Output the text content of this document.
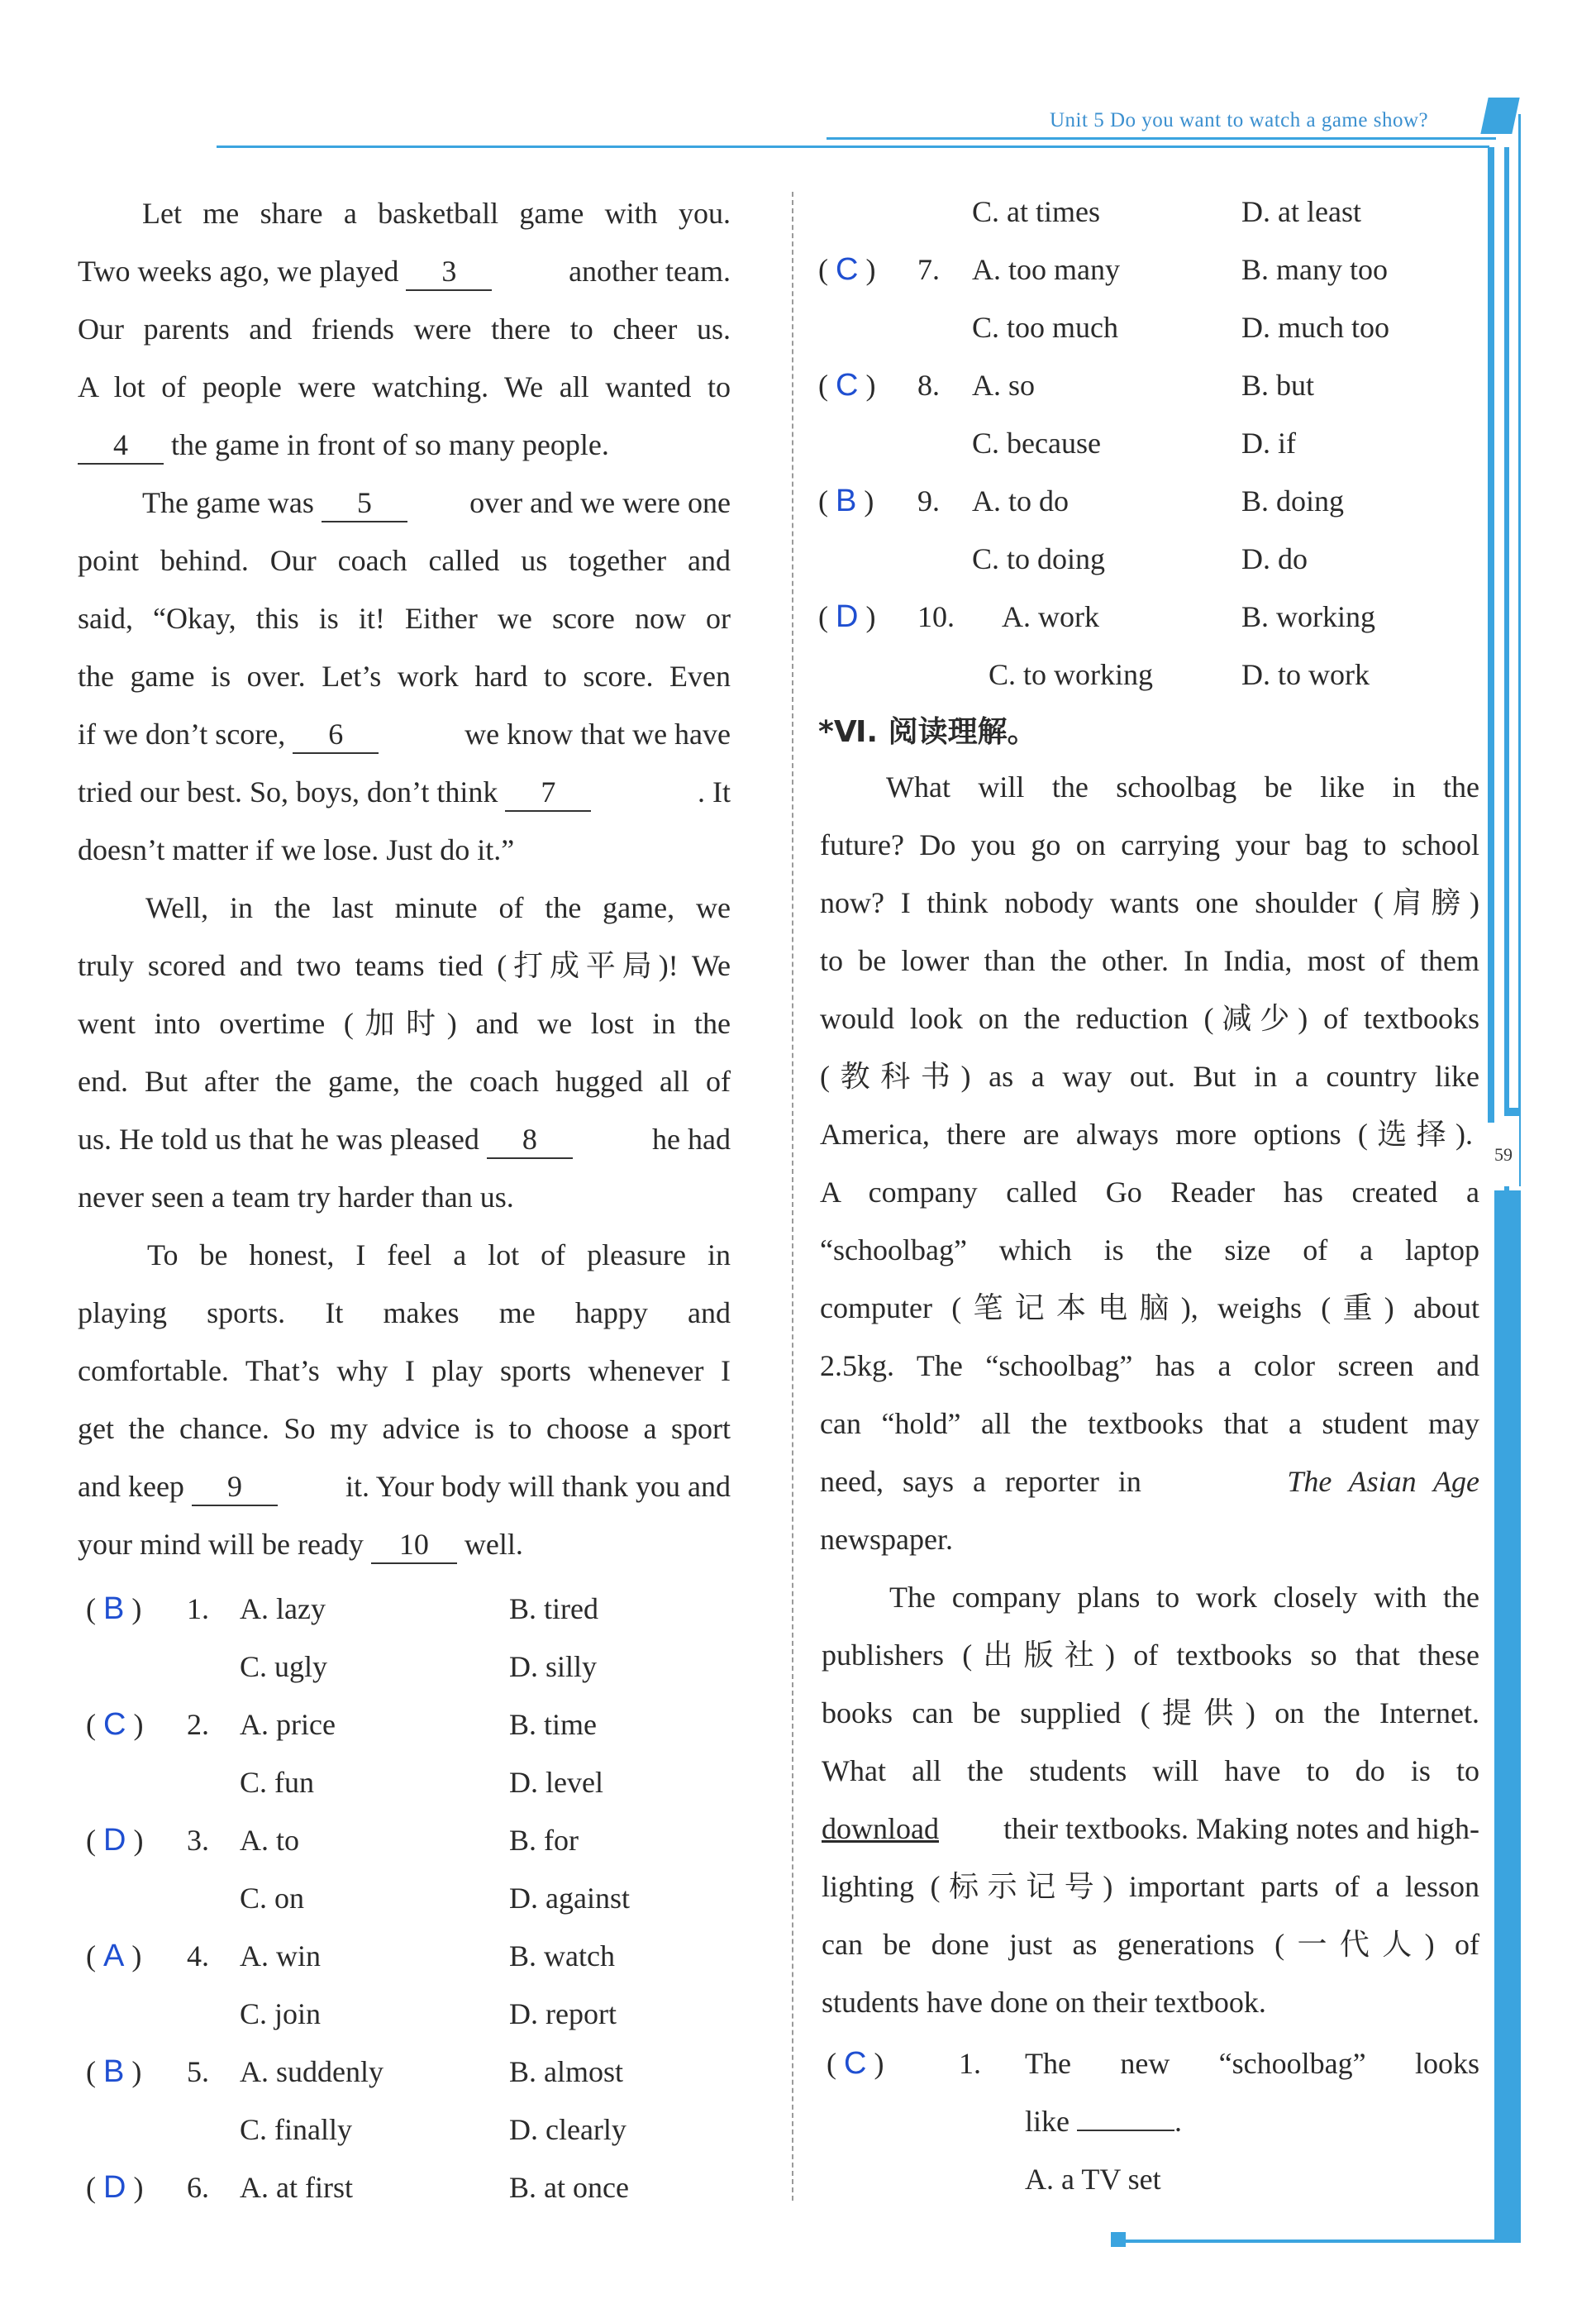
Unit 5 Do you want to watch a game show?
59
Let me share a basketball game with you.
Two weeks ago, we played 3	another team.
Our parents and friends were there to cheer us.
A lot of people were watching. We all wanted to
4 the game in front of so many people.
The game was 5	over and we were one
point behind. Our coach called us together and
said, “Okay, this is it! Either we score now or
the game is over. Let’s work hard to score. Even
if we don’t score, 6	we know that we have
tried our best. So, boys, don’t think 7	. It
doesn’t matter if we lose. Just do it.”
Well, in the last minute of the game, we
truly scored and two teams tied (打成平局)! We
went into overtime (加时) and we lost in the
end. But after the game, the coach hugged all of
us. He told us that he was pleased 8	he had
never seen a team try harder than us.
To be honest, I feel a lot of pleasure in
playing sports. It makes me happy and
comfortable. That’s why I play sports whenever I
get the chance. So my advice is to choose a sport
and keep 9	it. Your body will thank you and
your mind will be ready 10 well.
( B ) 1. A. lazy	B. tired
C. ugly	D. silly
( C ) 2. A. price	B. time
C. fun	D. level
( D ) 3. A. to	B. for
C. on	D. against
( A ) 4. A. win	B. watch
C. join	D. report
( B ) 5. A. suddenly	B. almost
C. finally	D. clearly
( D ) 6. A. at first	B. at once
C. at times	D. at least
( C ) 7. A. too many	B. many too
C. too much	D. much too
( C ) 8. A. so	B. but
C. because	D. if
( B ) 9. A. to do	B. doing
C. to doing	D. do
( D ) 10. A. work	B. working
C. to working	D. to work
*Ⅵ. 阅读理解。
What will the schoolbag be like in the
future? Do you go on carrying your bag to school
now? I think nobody wants one shoulder (肩膀)
to be lower than the other. In India, most of them
would look on the reduction (减少) of textbooks
(教科书) as a way out. But in a country like
America, there are always more options (选择).
A company called Go Reader has created a
“schoolbag” which is the size of a laptop
computer (笔记本电脑), weighs (重) about
2.5kg. The “schoolbag” has a color screen and
can “hold” all the textbooks that a student may
need, says a reporter in	The Asian Age
newspaper.
The company plans to work closely with the
publishers (出版社) of textbooks so that these
books can be supplied (提供) on the Internet.
What all the students will have to do is to
download their textbooks. Making notes and high-
lighting (标示记号) important parts of a lesson
can be done just as generations (一代人) of
students have done on their textbook.
( C )	1. The new “schoolbag” looks
like	.
A. a TV set
